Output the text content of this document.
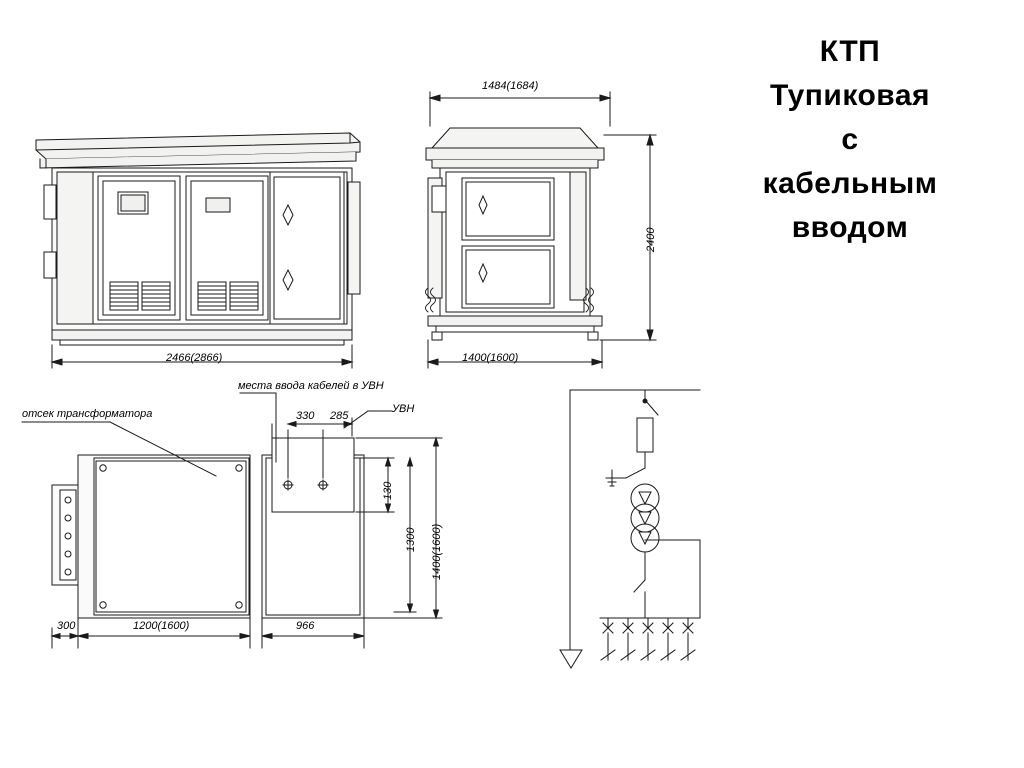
КТП
Тупиковая
с
кабельным
вводом
2466(2866)
1484(1684)
2400
1400(1600)
отсек трансформатора
места ввода кабелей в УВН
УВН
330 285
130
1300 1400(1600)
300	1200(1600)	966
